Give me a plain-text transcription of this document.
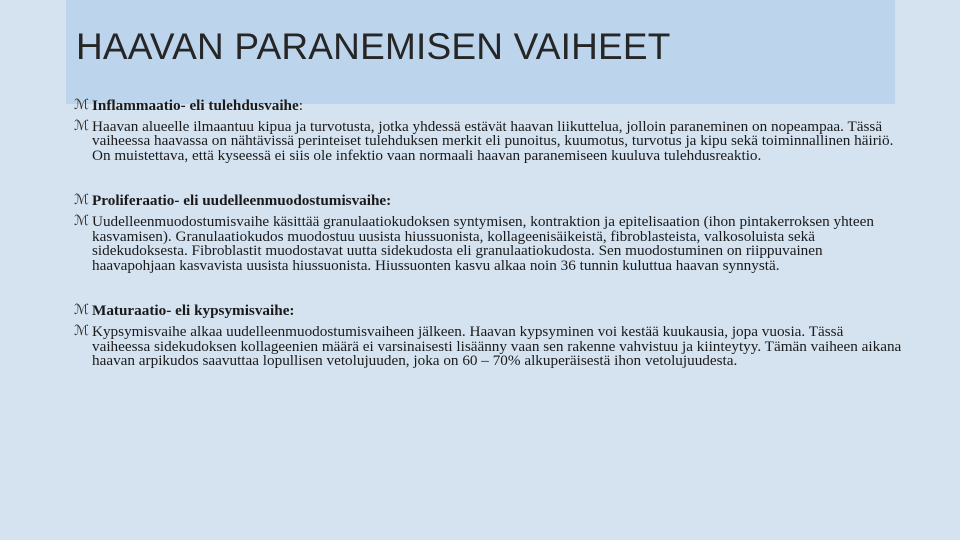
HAAVAN PARANEMISEN VAIHEET

ℳ Inflammaatio- eli tulehdusvaihe:

ℳ Haavan alueelle ilmaantuu kipua ja turvotusta, jotka yhdessä estävät haavan liikuttelua, jolloin paraneminen on nopeampaa. Tässä vaiheessa haavassa on nähtävissä perinteiset tulehduksen merkit eli punoitus, kuumotus, turvotus ja kipu sekä toiminnallinen häiriö. On muistettava, että kyseessä ei siis ole infektio vaan normaali haavan paranemiseen kuuluva tulehdusreaktio.

ℳ Proliferaatio- eli uudelleenmuodostumisvaihe:

ℳ Uudelleenmuodostumisvaihe käsittää granulaatiokudoksen syntymisen, kontraktion ja epitelisaation (ihon pintakerroksen yhteen kasvamisen). Granulaatiokudos muodostuu uusista hiussuonista, kollageenisäikeistä, fibroblasteista, valkosoluista sekä sidekudoksesta. Fibroblastit muodostavat uutta sidekudosta eli granulaatiokudosta. Sen muodostuminen on riippuvainen haavapohjaan kasvavista uusista hiussuonista. Hiussuonten kasvu alkaa noin 36 tunnin kuluttua haavan synnystä.

ℳ Maturaatio- eli kypsymisvaihe:

ℳ Kypsymisvaihe alkaa uudelleenmuodostumisvaiheen jälkeen. Haavan kypsyminen voi kestää kuukausia, jopa vuosia. Tässä vaiheessa sidekudoksen kollageenien määrä ei varsinaisesti lisäänny vaan sen rakenne vahvistuu ja kiinteytyy. Tämän vaiheen aikana haavan arpikudos saavuttaa lopullisen vetolujuuden, joka on 60 – 70% alkuperäisestä ihon vetolujuudesta.
